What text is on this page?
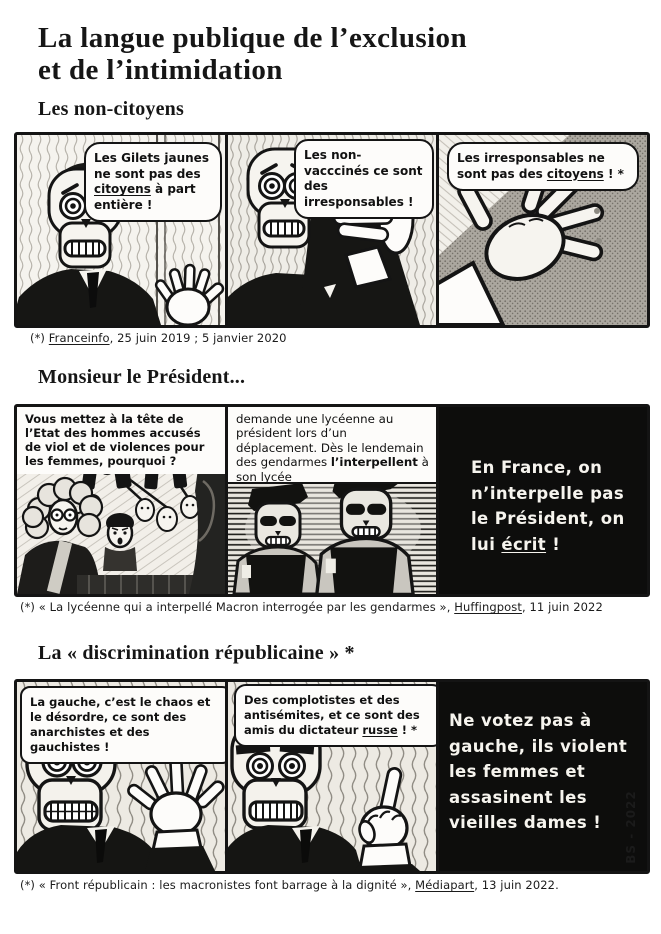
La langue publique de l’exclusion
et de l’intimidation
Les non-citoyens
Les Gilets jaunes ne sont pas des citoyens à part entière !
Les non-vacccinés ce sont des irresponsables !
Les irresponsables ne sont pas des citoyens ! *
(*) Franceinfo, 25 juin 2019 ; 5 janvier 2020
Monsieur le Président...
Vous mettez à la tête de l’Etat des hommes accusés de viol et de violences pour les femmes, pourquoi ?
demande une lycéenne au président lors d’un déplacement. Dès le lendemain des gendarmes l’interpellent à son lycée	En France, on n’interpelle pas le Président, on lui écrit !
(*) « La lycéenne qui a interpellé Macron interrogée par les gendarmes », Huffingpost, 11 juin 2022
La « discrimination républicaine » *
La gauche, c’est le chaos et le désordre, ce sont des anarchistes et des gauchistes !
Des complotistes et des antisémites, et ce sont des amis du dictateur russe ! *	Ne votez pas à gauche, ils violent les femmes et assasinent les vieilles dames !
(*) « Front républicain : les macronistes font barrage à la dignité », Médiapart, 13 juin 2022.
BS - 2022
